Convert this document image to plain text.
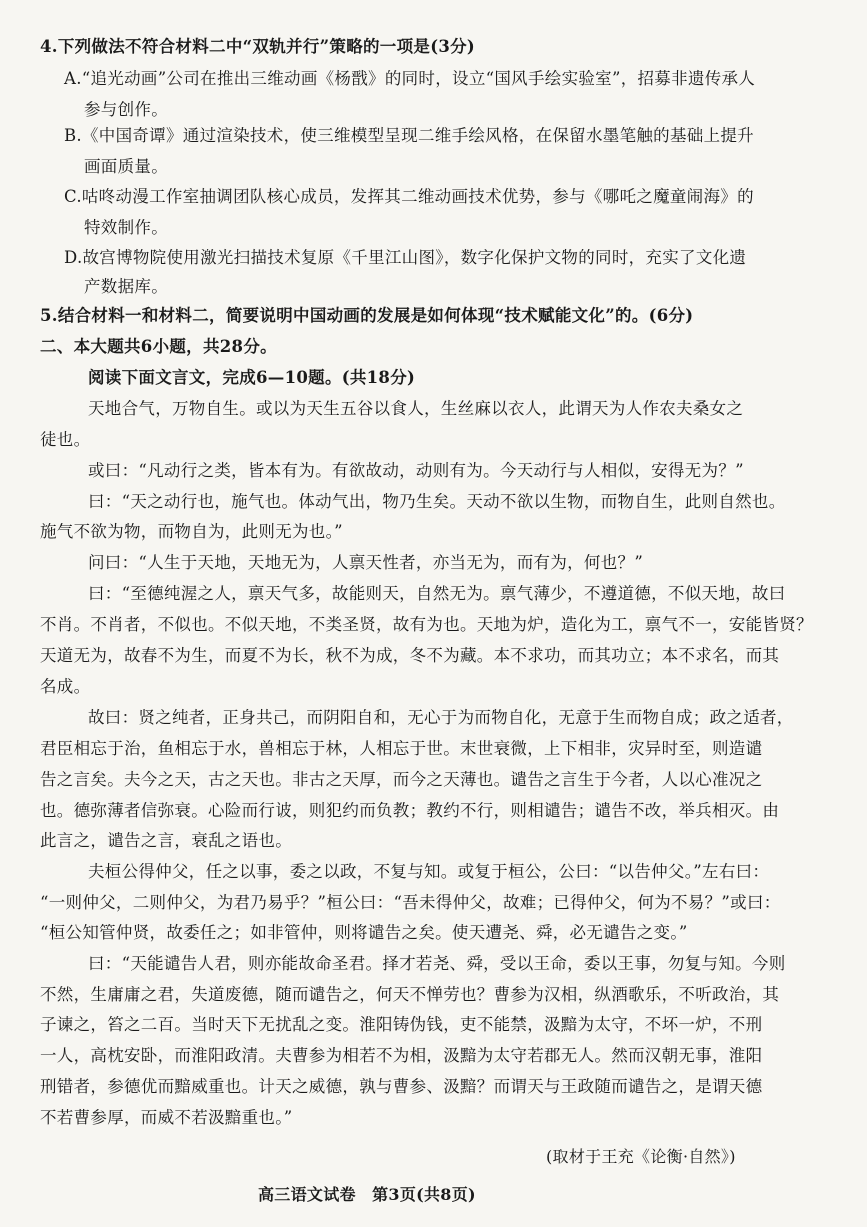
4.下列做法不符合材料二中“双轨并行”策略的一项是(3分)
A.“追光动画”公司在推出三维动画《杨戬》的同时，设立“国风手绘实验室”，招募非遗传承人
参与创作。
B.《中国奇谭》通过渲染技术，使三维模型呈现二维手绘风格，在保留水墨笔触的基础上提升
画面质量。
C.咕咚动漫工作室抽调团队核心成员，发挥其二维动画技术优势，参与《哪吒之魔童闹海》的
特效制作。
D.故宫博物院使用激光扫描技术复原《千里江山图》，数字化保护文物的同时，充实了文化遗
产数据库。
5.结合材料一和材料二，简要说明中国动画的发展是如何体现“技术赋能文化”的。(6分)
二、本大题共6小题，共28分。
阅读下面文言文，完成6—10题。(共18分)
天地合气，万物自生。或以为天生五谷以食人，生丝麻以衣人，此谓天为人作农夫桑女之
徒也。
或曰：“凡动行之类，皆本有为。有欲故动，动则有为。今天动行与人相似，安得无为？”
曰：“天之动行也，施气也。体动气出，物乃生矣。天动不欲以生物，而物自生，此则自然也。
施气不欲为物，而物自为，此则无为也。”
问曰：“人生于天地，天地无为，人禀天性者，亦当无为，而有为，何也？”
曰：“至德纯渥之人，禀天气多，故能则天，自然无为。禀气薄少，不遵道德，不似天地，故曰
不肖。不肖者，不似也。不似天地，不类圣贤，故有为也。天地为炉，造化为工，禀气不一，安能皆贤？
天道无为，故春不为生，而夏不为长，秋不为成，冬不为藏。本不求功，而其功立；本不求名，而其
名成。
故曰：贤之纯者，正身共己，而阴阳自和，无心于为而物自化，无意于生而物自成；政之适者，
君臣相忘于治，鱼相忘于水，兽相忘于林，人相忘于世。末世衰微，上下相非，灾异时至，则造谴
告之言矣。夫今之天，古之天也。非古之天厚，而今之天薄也。谴告之言生于今者，人以心准况之
也。德弥薄者信弥衰。心险而行诐，则犯约而负教；教约不行，则相谴告；谴告不改，举兵相灭。由
此言之，谴告之言，衰乱之语也。
夫桓公得仲父，任之以事，委之以政，不复与知。或复于桓公，公曰：“以告仲父。”左右曰：
“一则仲父，二则仲父，为君乃易乎？”桓公曰：“吾未得仲父，故难；已得仲父，何为不易？”或曰：
“桓公知管仲贤，故委任之；如非管仲，则将谴告之矣。使天遭尧、舜，必无谴告之变。”
曰：“天能谴告人君，则亦能故命圣君。择才若尧、舜，受以王命，委以王事，勿复与知。今则
不然，生庸庸之君，失道废德，随而谴告之，何天不惮劳也？曹参为汉相，纵酒歌乐，不听政治，其
子谏之，笞之二百。当时天下无扰乱之变。淮阳铸伪钱，吏不能禁，汲黯为太守，不坏一炉，不刑
一人，高枕安卧，而淮阳政清。夫曹参为相若不为相，汲黯为太守若郡无人。然而汉朝无事，淮阳
刑错者，参德优而黯威重也。计天之威德，孰与曹参、汲黯？而谓天与王政随而谴告之，是谓天德
不若曹参厚，而威不若汲黯重也。”
(取材于王充《论衡·自然》)
高三语文试卷　第3页(共8页)
